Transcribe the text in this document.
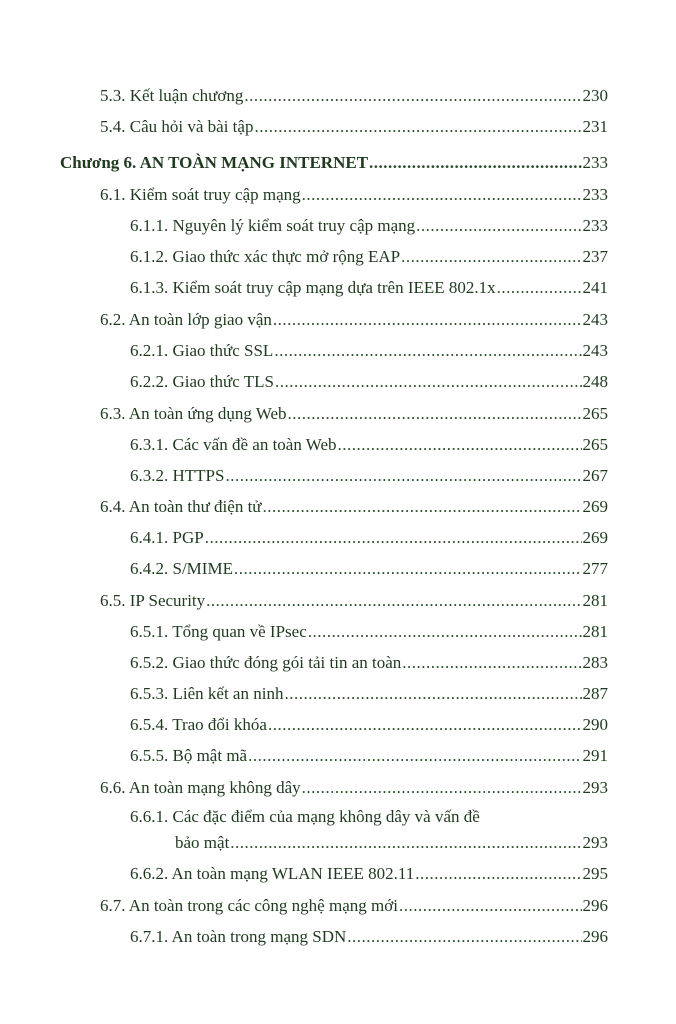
5.3. Kết luận chương .....	230
5.4. Câu hỏi và bài tập .....	231
Chương 6. AN TOÀN MẠNG INTERNET .....	233
6.1. Kiểm soát truy cập mạng .....	233
6.1.1. Nguyên lý kiểm soát truy cập mạng .....	233
6.1.2. Giao thức xác thực mở rộng EAP .....	237
6.1.3. Kiểm soát truy cập mạng dựa trên IEEE 802.1x .....	241
6.2. An toàn lớp giao vận .....	243
6.2.1. Giao thức SSL .....	243
6.2.2. Giao thức TLS .....	248
6.3. An toàn ứng dụng Web .....	265
6.3.1. Các vấn đề an toàn Web .....	265
6.3.2. HTTPS .....	267
6.4. An toàn thư điện tử .....	269
6.4.1. PGP .....	269
6.4.2. S/MIME .....	277
6.5. IP Security .....	281
6.5.1. Tổng quan về IPsec .....	281
6.5.2. Giao thức đóng gói tải tin an toàn .....	283
6.5.3. Liên kết an ninh .....	287
6.5.4. Trao đổi khóa .....	290
6.5.5. Bộ mật mã .....	291
6.6. An toàn mạng không dây .....	293
6.6.1. Các đặc điểm của mạng không dây và vấn đề
bảo mật .....	293
6.6.2. An toàn mạng WLAN IEEE 802.11 .....	295
6.7. An toàn trong các công nghệ mạng mới .....	296
6.7.1. An toàn trong mạng SDN .....	296
